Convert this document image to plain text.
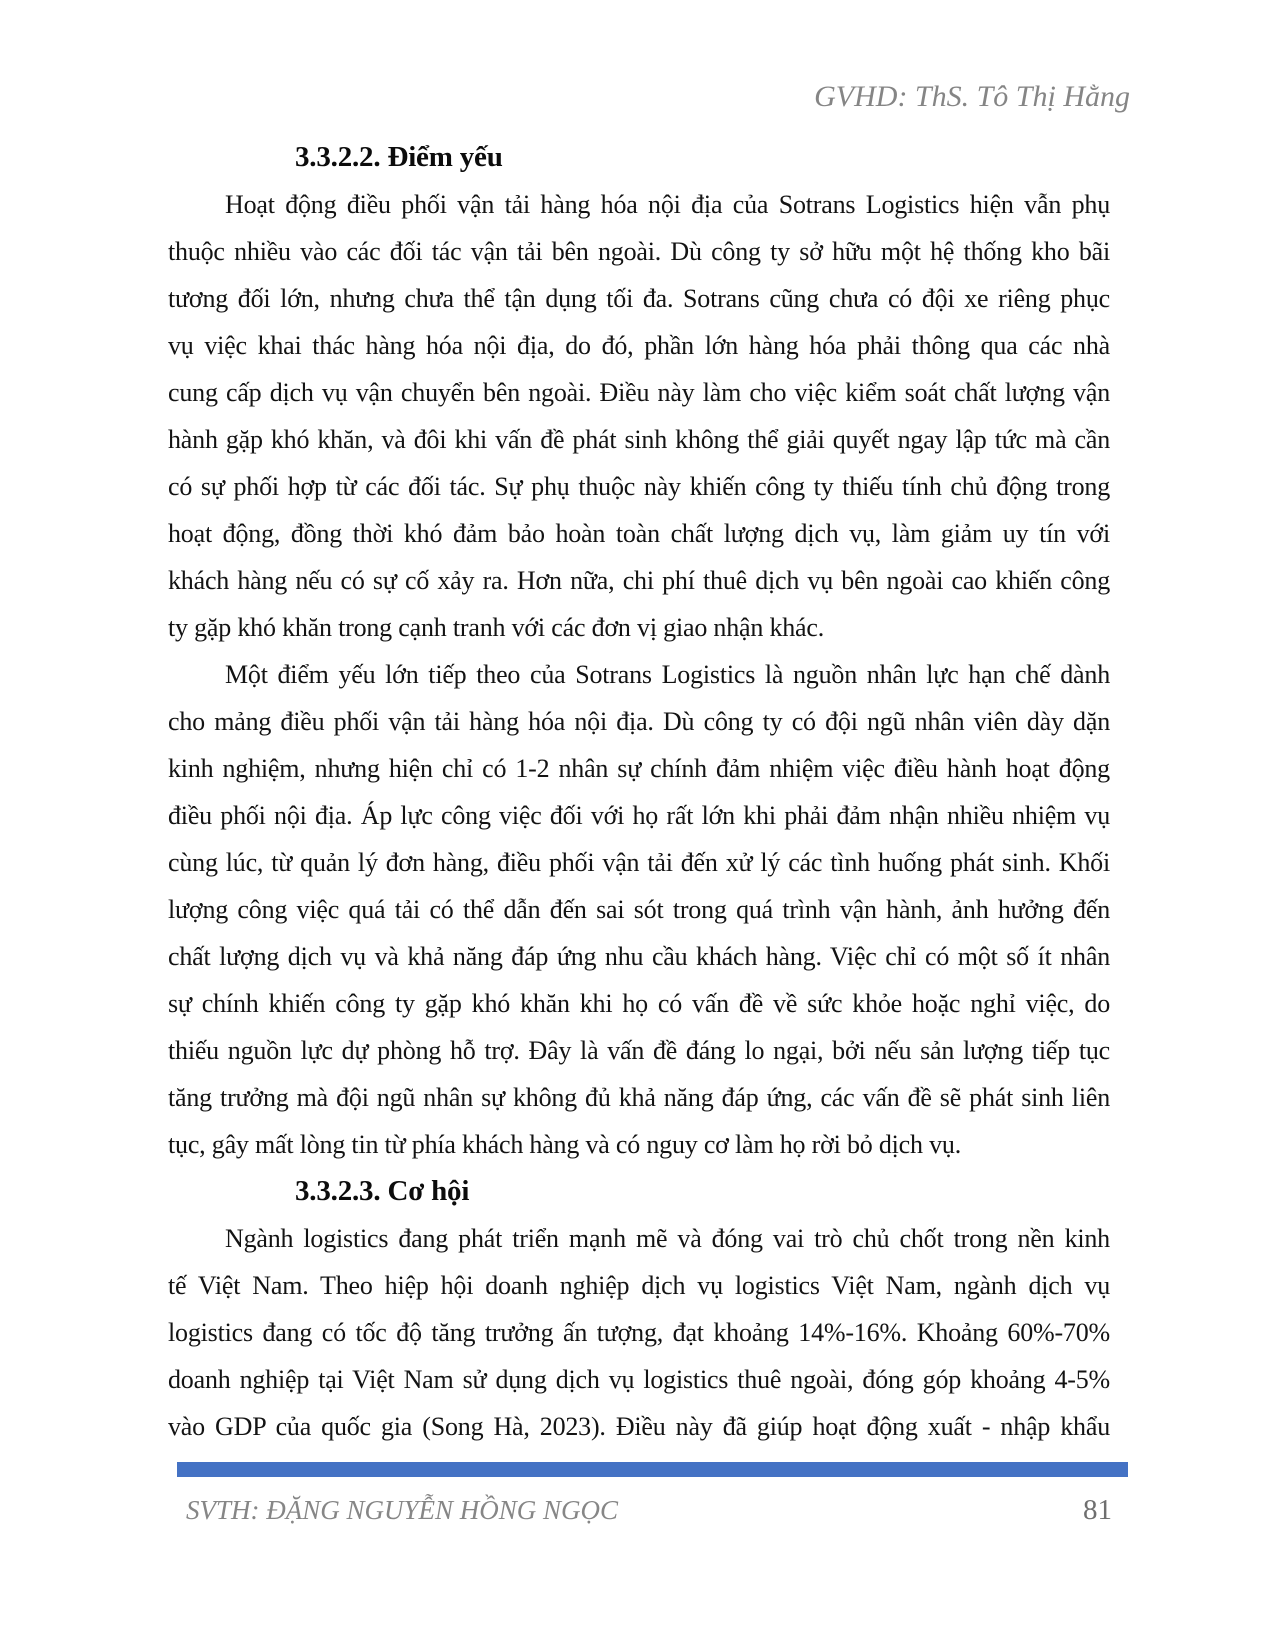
GVHD: ThS. Tô Thị Hằng
3.3.2.2. Điểm yếu
Hoạt động điều phối vận tải hàng hóa nội địa của Sotrans Logistics hiện vẫn phụ
thuộc nhiều vào các đối tác vận tải bên ngoài. Dù công ty sở hữu một hệ thống kho bãi
tương đối lớn, nhưng chưa thể tận dụng tối đa. Sotrans cũng chưa có đội xe riêng phục
vụ việc khai thác hàng hóa nội địa, do đó, phần lớn hàng hóa phải thông qua các nhà
cung cấp dịch vụ vận chuyển bên ngoài. Điều này làm cho việc kiểm soát chất lượng vận
hành gặp khó khăn, và đôi khi vấn đề phát sinh không thể giải quyết ngay lập tức mà cần
có sự phối hợp từ các đối tác. Sự phụ thuộc này khiến công ty thiếu tính chủ động trong
hoạt động, đồng thời khó đảm bảo hoàn toàn chất lượng dịch vụ, làm giảm uy tín với
khách hàng nếu có sự cố xảy ra. Hơn nữa, chi phí thuê dịch vụ bên ngoài cao khiến công
ty gặp khó khăn trong cạnh tranh với các đơn vị giao nhận khác.
Một điểm yếu lớn tiếp theo của Sotrans Logistics là nguồn nhân lực hạn chế dành
cho mảng điều phối vận tải hàng hóa nội địa. Dù công ty có đội ngũ nhân viên dày dặn
kinh nghiệm, nhưng hiện chỉ có 1-2 nhân sự chính đảm nhiệm việc điều hành hoạt động
điều phối nội địa. Áp lực công việc đối với họ rất lớn khi phải đảm nhận nhiều nhiệm vụ
cùng lúc, từ quản lý đơn hàng, điều phối vận tải đến xử lý các tình huống phát sinh. Khối
lượng công việc quá tải có thể dẫn đến sai sót trong quá trình vận hành, ảnh hưởng đến
chất lượng dịch vụ và khả năng đáp ứng nhu cầu khách hàng. Việc chỉ có một số ít nhân
sự chính khiến công ty gặp khó khăn khi họ có vấn đề về sức khỏe hoặc nghỉ việc, do
thiếu nguồn lực dự phòng hỗ trợ. Đây là vấn đề đáng lo ngại, bởi nếu sản lượng tiếp tục
tăng trưởng mà đội ngũ nhân sự không đủ khả năng đáp ứng, các vấn đề sẽ phát sinh liên
tục, gây mất lòng tin từ phía khách hàng và có nguy cơ làm họ rời bỏ dịch vụ.
3.3.2.3. Cơ hội
Ngành logistics đang phát triển mạnh mẽ và đóng vai trò chủ chốt trong nền kinh
tế Việt Nam. Theo hiệp hội doanh nghiệp dịch vụ logistics Việt Nam, ngành dịch vụ
logistics đang có tốc độ tăng trưởng ấn tượng, đạt khoảng 14%-16%. Khoảng 60%-70%
doanh nghiệp tại Việt Nam sử dụng dịch vụ logistics thuê ngoài, đóng góp khoảng 4-5%
vào GDP của quốc gia (Song Hà, 2023). Điều này đã giúp hoạt động xuất - nhập khẩu
SVTH: ĐẶNG NGUYỄN HỒNG NGỌC	81
